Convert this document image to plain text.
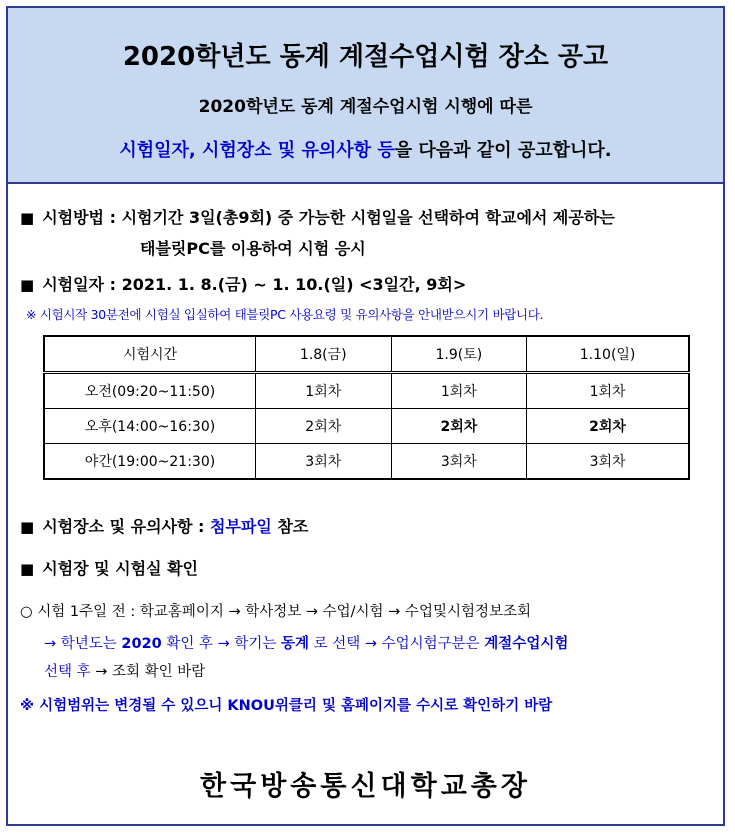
2020학년도 동계 계절수업시험 장소 공고
2020학년도 동계 계절수업시험 시행에 따른
시험일자, 시험장소 및 유의사항 등을 다음과 같이 공고합니다.
■ 시험방법 : 시험기간 3일(총9회) 중 가능한 시험일을 선택하여 학교에서 제공하는
태블릿PC를 이용하여 시험 응시
■ 시험일자 : 2021. 1. 8.(금) ~ 1. 10.(일) <3일간, 9회>
※ 시험시작 30분전에 시험실 입실하여 태블릿PC 사용요령 및 유의사항을 안내받으시기 바랍니다.
시험시간	1.8(금)	1.9(토)	1.10(일)
오전(09:20~11:50)	1회차	1회차	1회차
오후(14:00~16:30)	2회차	2회차	2회차
야간(19:00~21:30)	3회차	3회차	3회차
■ 시험장소 및 유의사항 : 첨부파일 참조
■ 시험장 및 시험실 확인
○ 시험 1주일 전 : 학교홈페이지 → 학사정보 → 수업/시험 → 수업및시험정보조회
→ 학년도는 2020 확인 후 → 학기는 동계 로 선택 → 수업시험구분은 계절수업시험
선택 후 → 조회 확인 바람
※ 시험범위는 변경될 수 있으니 KNOU위클리 및 홈페이지를 수시로 확인하기 바람
한국방송통신대학교총장
